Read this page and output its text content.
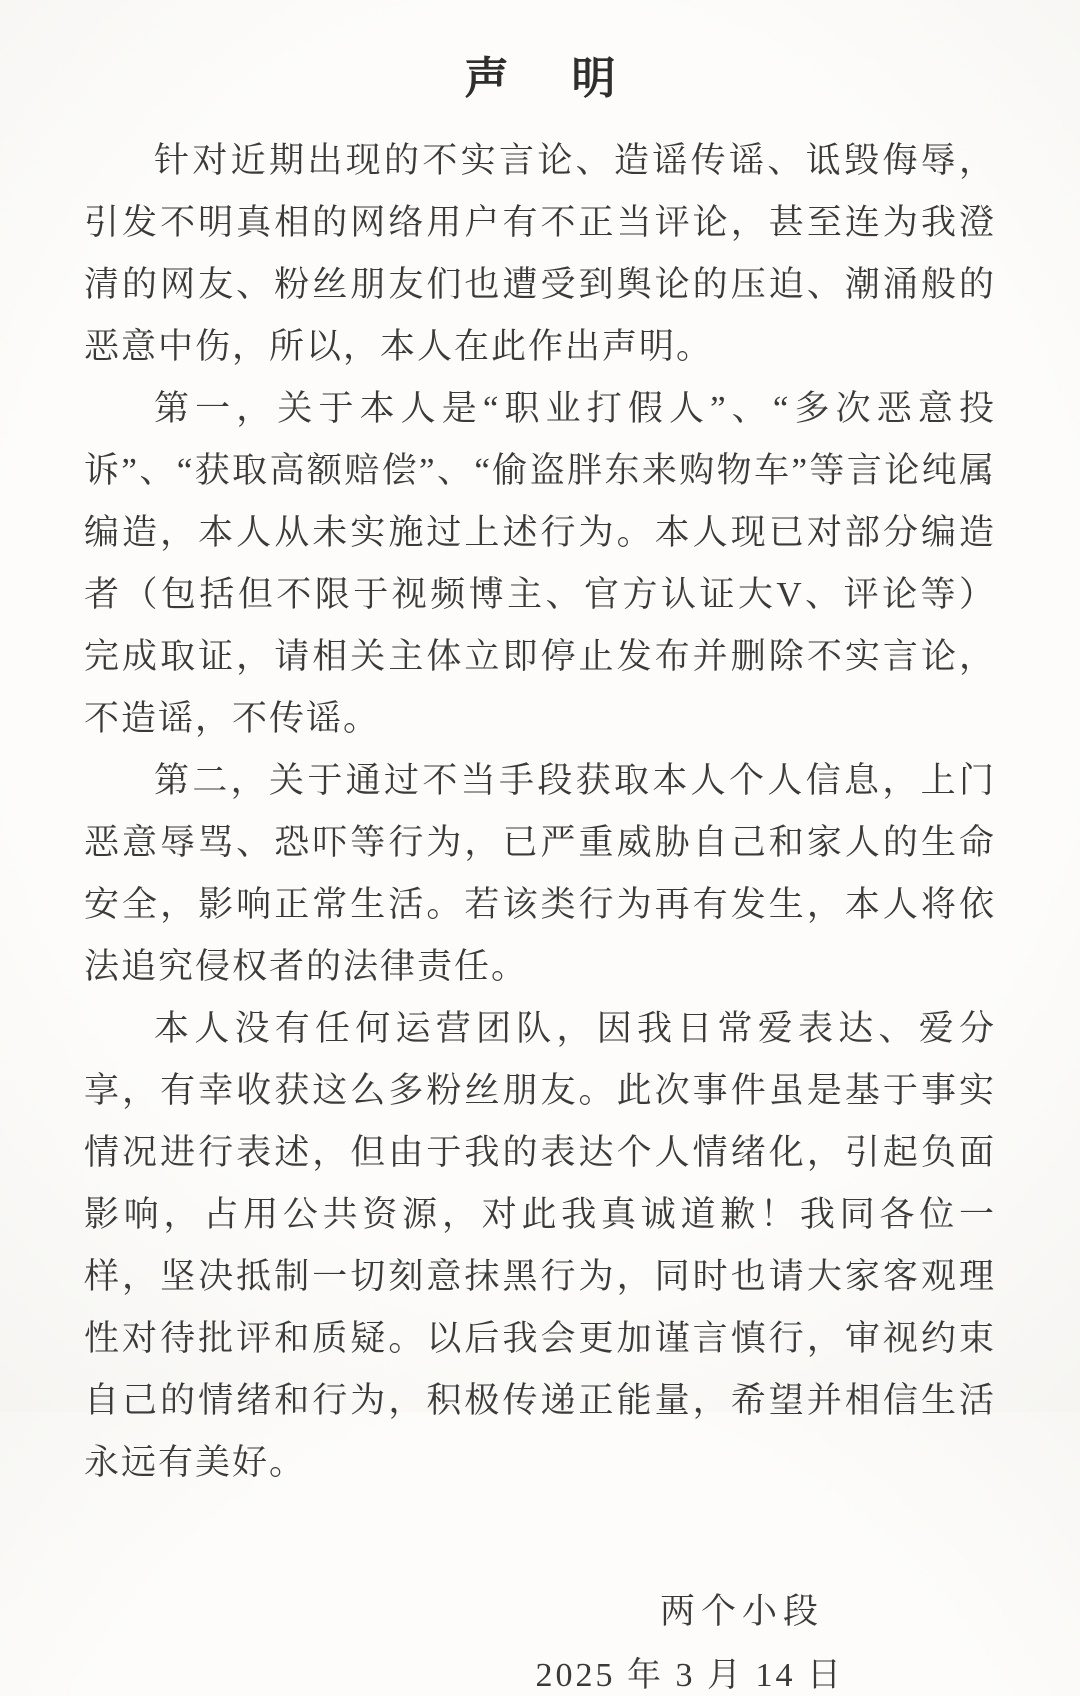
声 明

针对近期出现的不实言论、造谣传谣、诋毁侮辱，引发不明真相的网络用户有不正当评论，甚至连为我澄清的网友、粉丝朋友们也遭受到舆论的压迫、潮涌般的恶意中伤，所以，本人在此作出声明。

第一，关于本人是“职业打假人”、“多次恶意投诉”、“获取高额赔偿”、“偷盗胖东来购物车”等言论纯属编造，本人从未实施过上述行为。本人现已对部分编造者（包括但不限于视频博主、官方认证大V、评论等）完成取证，请相关主体立即停止发布并删除不实言论，不造谣，不传谣。

第二，关于通过不当手段获取本人个人信息，上门恶意辱骂、恐吓等行为，已严重威胁自己和家人的生命安全，影响正常生活。若该类行为再有发生，本人将依法追究侵权者的法律责任。

本人没有任何运营团队，因我日常爱表达、爱分享，有幸收获这么多粉丝朋友。此次事件虽是基于事实情况进行表述，但由于我的表达个人情绪化，引起负面影响，占用公共资源，对此我真诚道歉！我同各位一样，坚决抵制一切刻意抹黑行为，同时也请大家客观理性对待批评和质疑。以后我会更加谨言慎行，审视约束自己的情绪和行为，积极传递正能量，希望并相信生活永远有美好。

两个小段
2025 年 3 月 14 日
